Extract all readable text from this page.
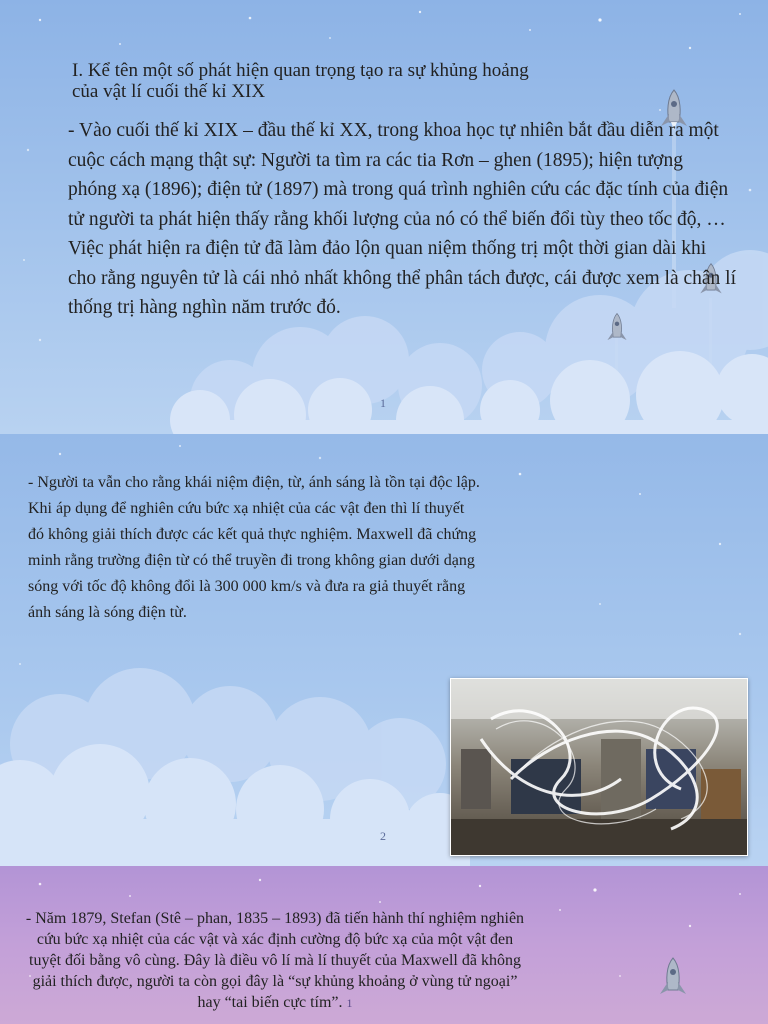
I. Kể tên một số phát hiện quan trọng tạo ra sự khủng hoảng
của vật lí cuối thế kỉ XIX
- Vào cuối thế kỉ XIX – đầu thế kỉ XX, trong khoa học tự nhiên bắt đầu diễn ra một cuộc cách mạng thật sự: Người ta tìm ra các tia Rơn – ghen (1895); hiện tượng phóng xạ (1896); điện tử (1897) mà trong quá trình nghiên cứu các đặc tính của điện tử người ta phát hiện thấy rằng khối lượng của nó có thể biến đổi tùy theo tốc độ, … Việc phát hiện ra điện tử đã làm đảo lộn quan niệm thống trị một thời gian dài khi cho rằng nguyên tử là cái nhỏ nhất không thể phân tách được, cái được xem là chân lí thống trị hàng nghìn năm trước đó.
1
- Người ta vẫn cho rằng khái niệm điện, từ, ánh sáng là tồn tại độc lập. Khi áp dụng để nghiên cứu bức xạ nhiệt của các vật đen thì lí thuyết đó không giải thích được các kết quả thực nghiệm. Maxwell đã chứng minh rằng trường điện từ có thể truyền đi trong không gian dưới dạng sóng với tốc độ không đổi là 300 000 km/s và đưa ra giả thuyết rằng ánh sáng là sóng điện từ.
2
- Năm 1879, Stefan (Stê – phan, 1835 – 1893) đã tiến hành thí nghiệm nghiên cứu bức xạ nhiệt của các vật và xác định cường độ bức xạ của một vật đen tuyệt đối bằng vô cùng. Đây là điều vô lí mà lí thuyết của Maxwell đã không giải thích được, người ta còn gọi đây là “sự khủng khoảng ở vùng tử ngoại” hay “tai biến cực tím”. 1
